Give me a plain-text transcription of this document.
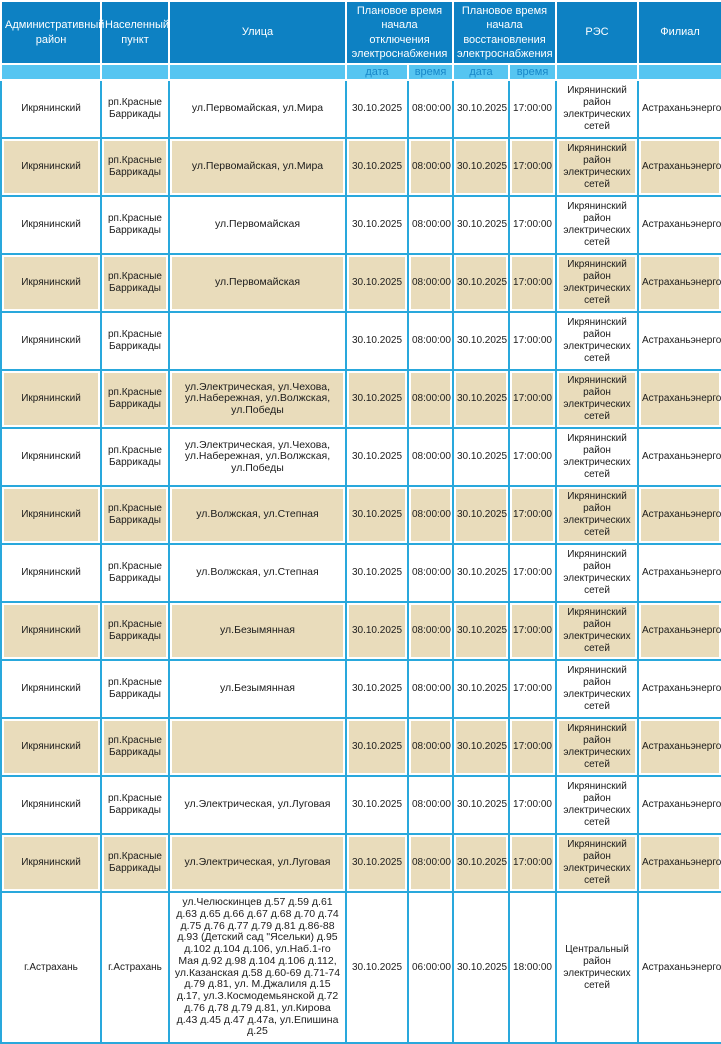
Административный район	Населенный пункт	Улица	Плановое время начала отключения электроснабжения		Плановое время начала восстановления электроснабжения		РЭС	Филиал
			дата	время	дата	время		
Икрянинский	рп.Красные Баррикады	ул.Первомайская, ул.Мира	30.10.2025	08:00:00	30.10.2025	17:00:00	Икрянинский район электрических сетей	Астраханьэнерго
Икрянинский	рп.Красные Баррикады	ул.Первомайская, ул.Мира	30.10.2025	08:00:00	30.10.2025	17:00:00	Икрянинский район электрических сетей	Астраханьэнерго
Икрянинский	рп.Красные Баррикады	ул.Первомайская	30.10.2025	08:00:00	30.10.2025	17:00:00	Икрянинский район электрических сетей	Астраханьэнерго
Икрянинский	рп.Красные Баррикады	ул.Первомайская	30.10.2025	08:00:00	30.10.2025	17:00:00	Икрянинский район электрических сетей	Астраханьэнерго
Икрянинский	рп.Красные Баррикады		30.10.2025	08:00:00	30.10.2025	17:00:00	Икрянинский район электрических сетей	Астраханьэнерго
Икрянинский	рп.Красные Баррикады	ул.Электрическая, ул.Чехова, ул.Набережная, ул.Волжская, ул.Победы	30.10.2025	08:00:00	30.10.2025	17:00:00	Икрянинский район электрических сетей	Астраханьэнерго
Икрянинский	рп.Красные Баррикады	ул.Электрическая, ул.Чехова, ул.Набережная, ул.Волжская, ул.Победы	30.10.2025	08:00:00	30.10.2025	17:00:00	Икрянинский район электрических сетей	Астраханьэнерго
Икрянинский	рп.Красные Баррикады	ул.Волжская, ул.Степная	30.10.2025	08:00:00	30.10.2025	17:00:00	Икрянинский район электрических сетей	Астраханьэнерго
Икрянинский	рп.Красные Баррикады	ул.Волжская, ул.Степная	30.10.2025	08:00:00	30.10.2025	17:00:00	Икрянинский район электрических сетей	Астраханьэнерго
Икрянинский	рп.Красные Баррикады	ул.Безымянная	30.10.2025	08:00:00	30.10.2025	17:00:00	Икрянинский район электрических сетей	Астраханьэнерго
Икрянинский	рп.Красные Баррикады	ул.Безымянная	30.10.2025	08:00:00	30.10.2025	17:00:00	Икрянинский район электрических сетей	Астраханьэнерго
Икрянинский	рп.Красные Баррикады		30.10.2025	08:00:00	30.10.2025	17:00:00	Икрянинский район электрических сетей	Астраханьэнерго
Икрянинский	рп.Красные Баррикады	ул.Электрическая, ул.Луговая	30.10.2025	08:00:00	30.10.2025	17:00:00	Икрянинский район электрических сетей	Астраханьэнерго
Икрянинский	рп.Красные Баррикады	ул.Электрическая, ул.Луговая	30.10.2025	08:00:00	30.10.2025	17:00:00	Икрянинский район электрических сетей	Астраханьэнерго
г.Астрахань	г.Астрахань	ул.Челюскинцев д.57 д.59 д.61 д.63 д.65 д.66 д.67 д.68 д.70 д.74 д.75 д.76 д.77 д.79 д.81 д.86-88 д.93 (Детский сад "Ясельки) д.95 д.102 д.104 д.106, ул.Наб.1-го Мая д.92 д.98 д.104 д.106 д.112, ул.Казанская д.58 д.60-69 д.71-74 д.79 д.81, ул. М.Джалиля д.15 д.17, ул.З.Космодемьянской д.72 д.76 д.78 д.79 д.81, ул.Кирова д.43 д.45 д.47 д.47а, ул.Епишина д.25	30.10.2025	06:00:00	30.10.2025	18:00:00	Центральный район электрических сетей	Астраханьэнерго
